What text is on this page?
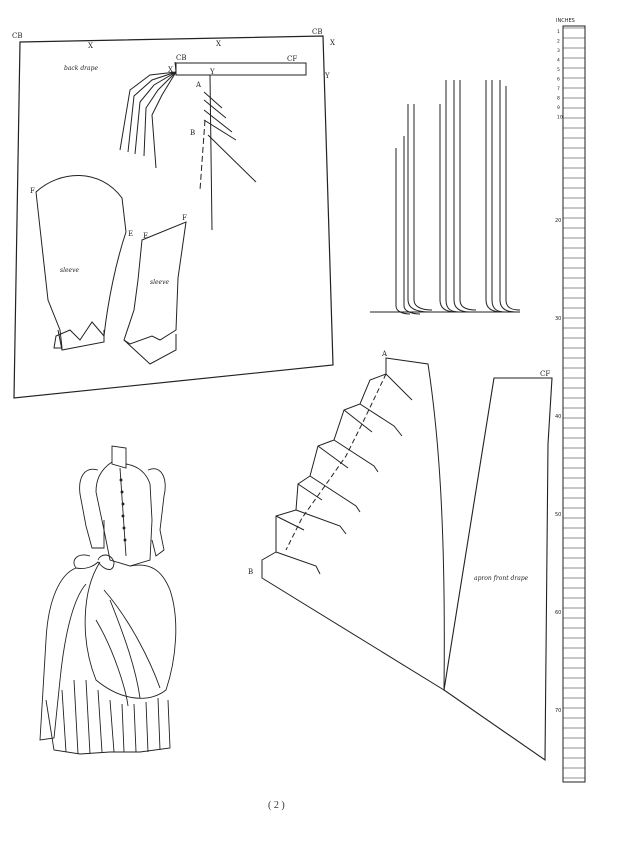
CB	CB
X	X	X
X
Y
Y
back drape
CB	CF
A
B
F
E E
F
sleeve
sleeve
A
B
CF
apron front drape
INCHES
1
2
3
4
5
6
7
8
9
10
20
30
40
50
60
70
( 2 )
